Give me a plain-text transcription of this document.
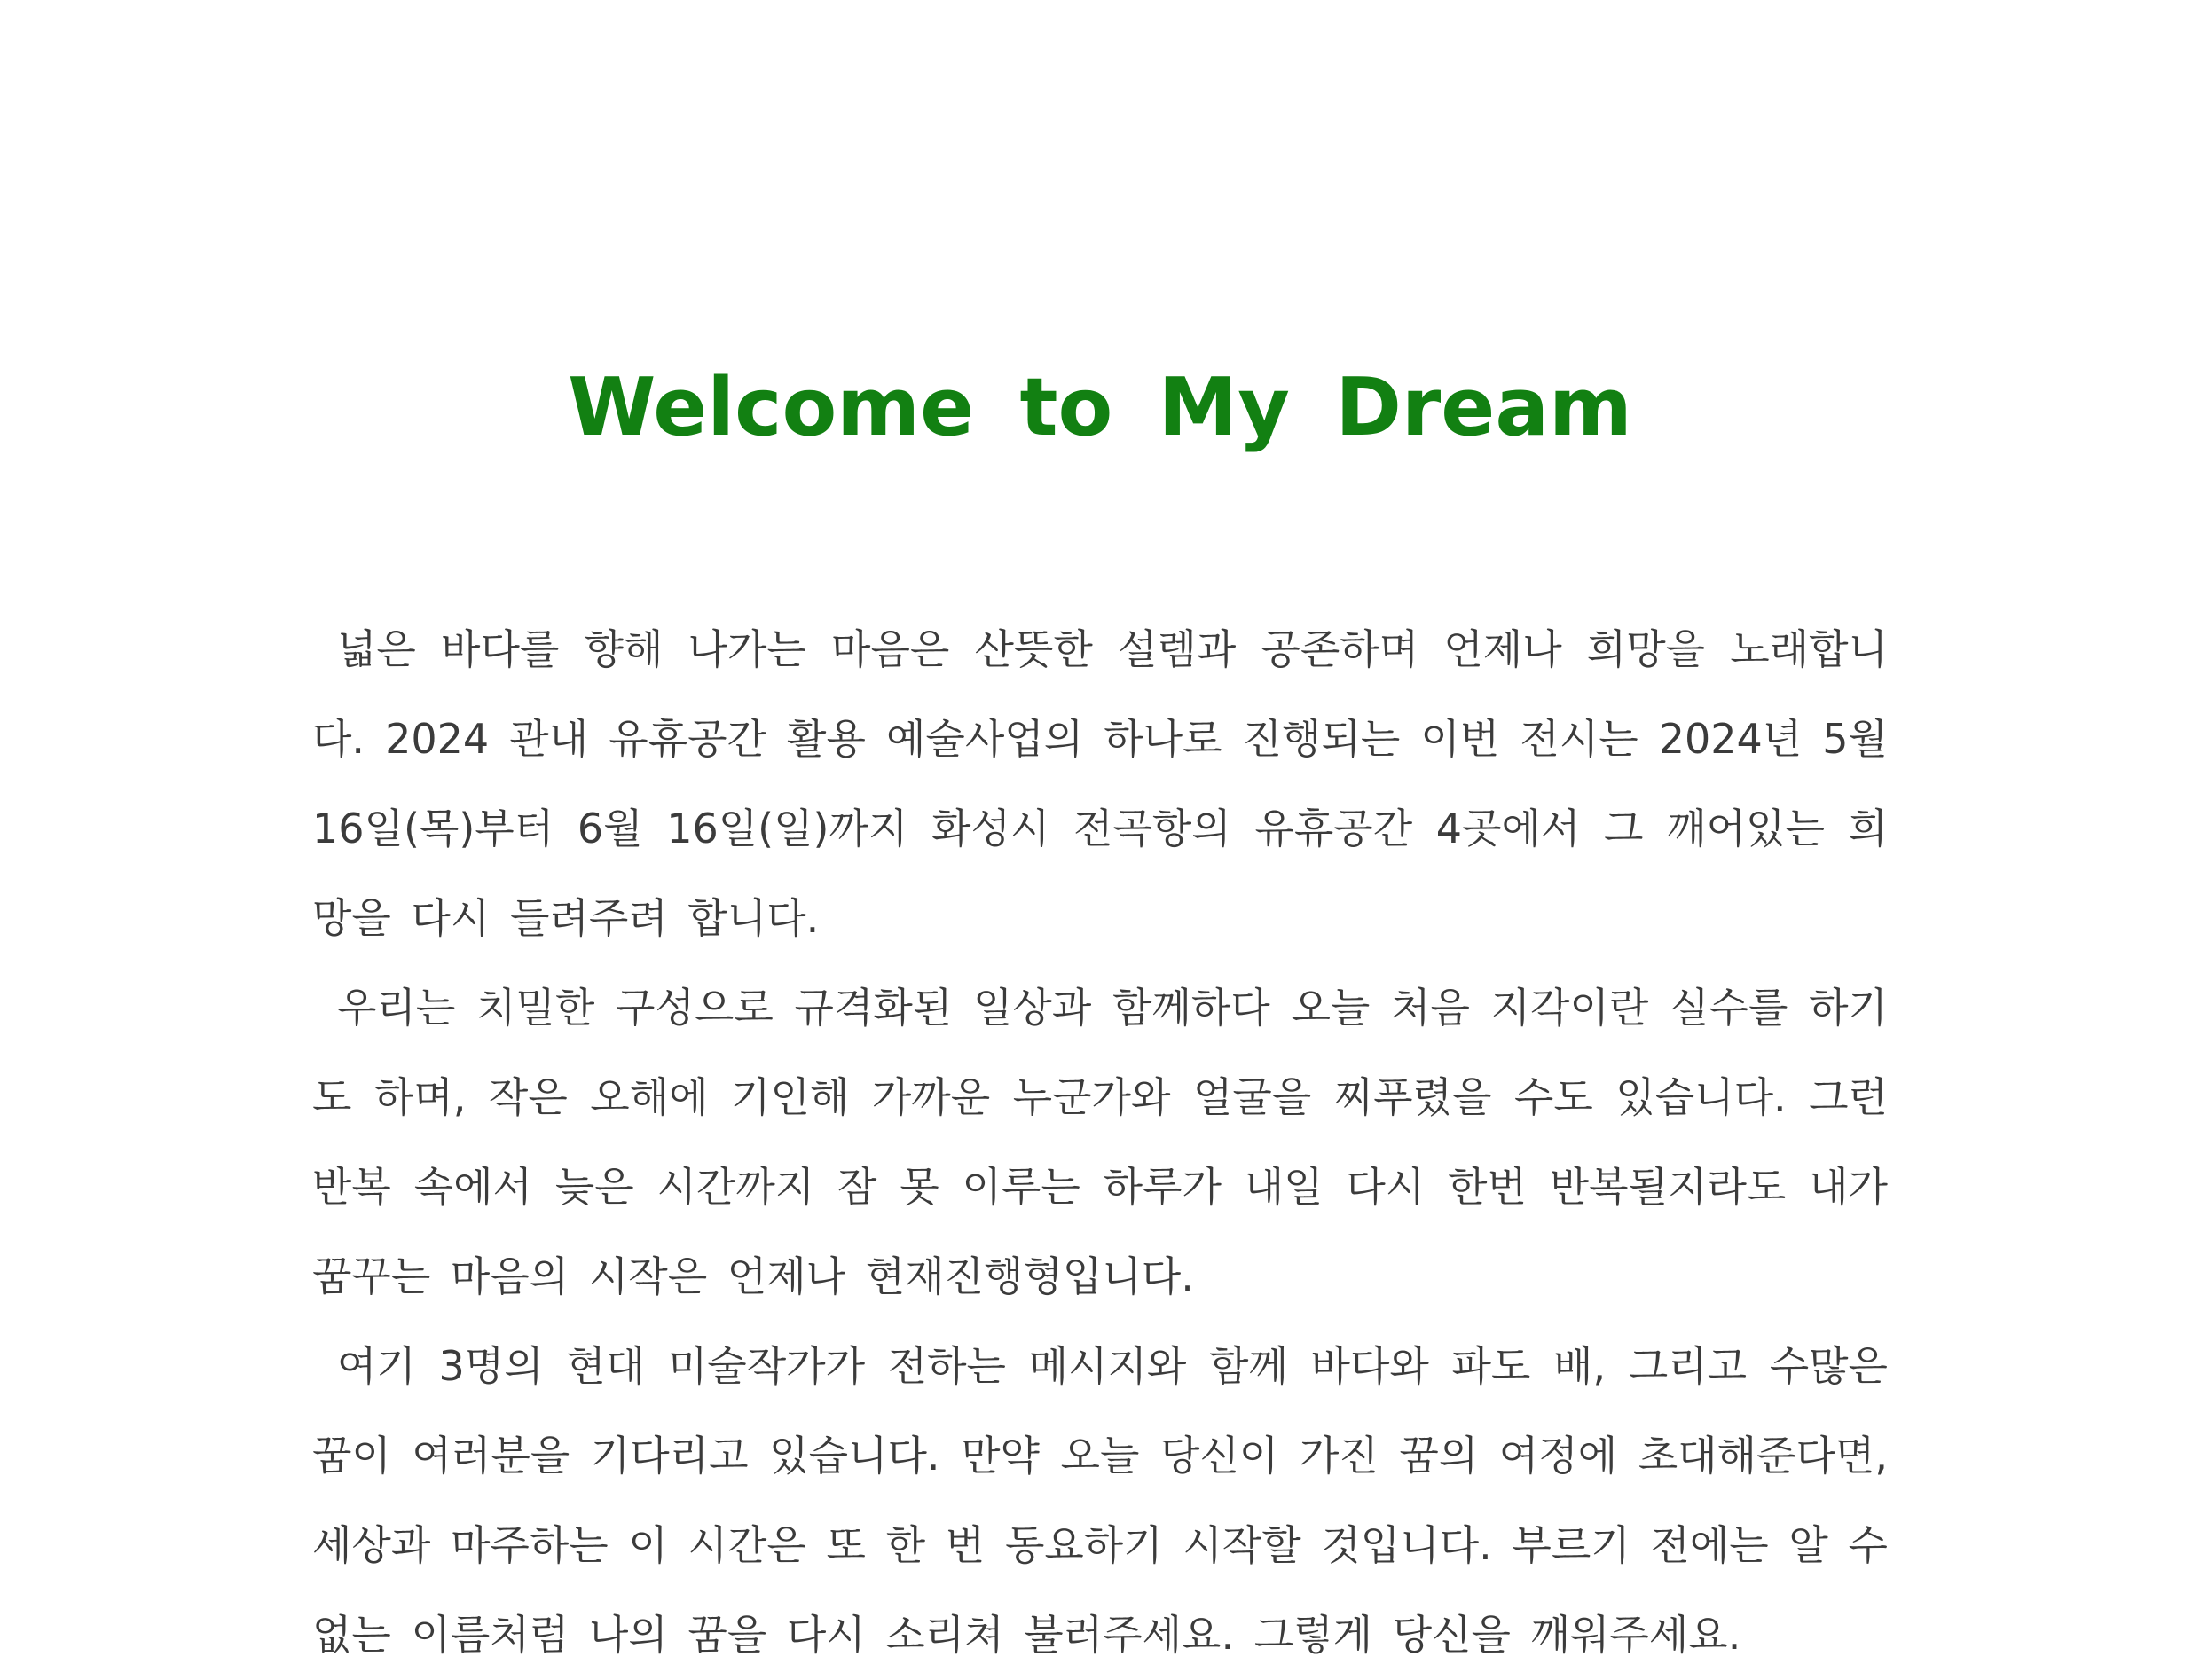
Welcome to My Dream

넓은 바다를 향해 나가는 마음은 산뜻한 설렘과 공존하며 언제나 희망을 노래합니다. 2024 관내 유휴공간 활용 예술사업의 하나로 진행되는 이번 전시는 2024년 5월 16일(목)부터 6월 16일(일)까지 화성시 전곡항의 유휴공간 4곳에서 그 깨어있는 희망을 다시 들려주려 합니다.

우리는 치밀한 구성으로 규격화된 일상과 함께하다 오늘 처음 지각이란 실수를 하기도 하며, 작은 오해에 기인해 가까운 누군가와 얼굴을 찌푸렸을 수도 있습니다. 그런 반복 속에서 늦은 시간까지 잠 못 이루는 하루가 내일 다시 한번 반복될지라도 내가 꿈꾸는 마음의 시작은 언제나 현재진행형입니다.

여기 3명의 현대 미술작가가 전하는 메시지와 함께 바다와 파도 배, 그리고 수많은 꿈이 여러분을 기다리고 있습니다. 만약 오늘 당신이 가진 꿈의 여정에 초대해준다면, 세상과 마주하는 이 시간은 또 한 번 동요하기 시작할 것입니다. 부르기 전에는 알 수 없는 이름처럼 나의 꿈을 다시 소리쳐 불러주세요. 그렇게 당신을 깨워주세요.
